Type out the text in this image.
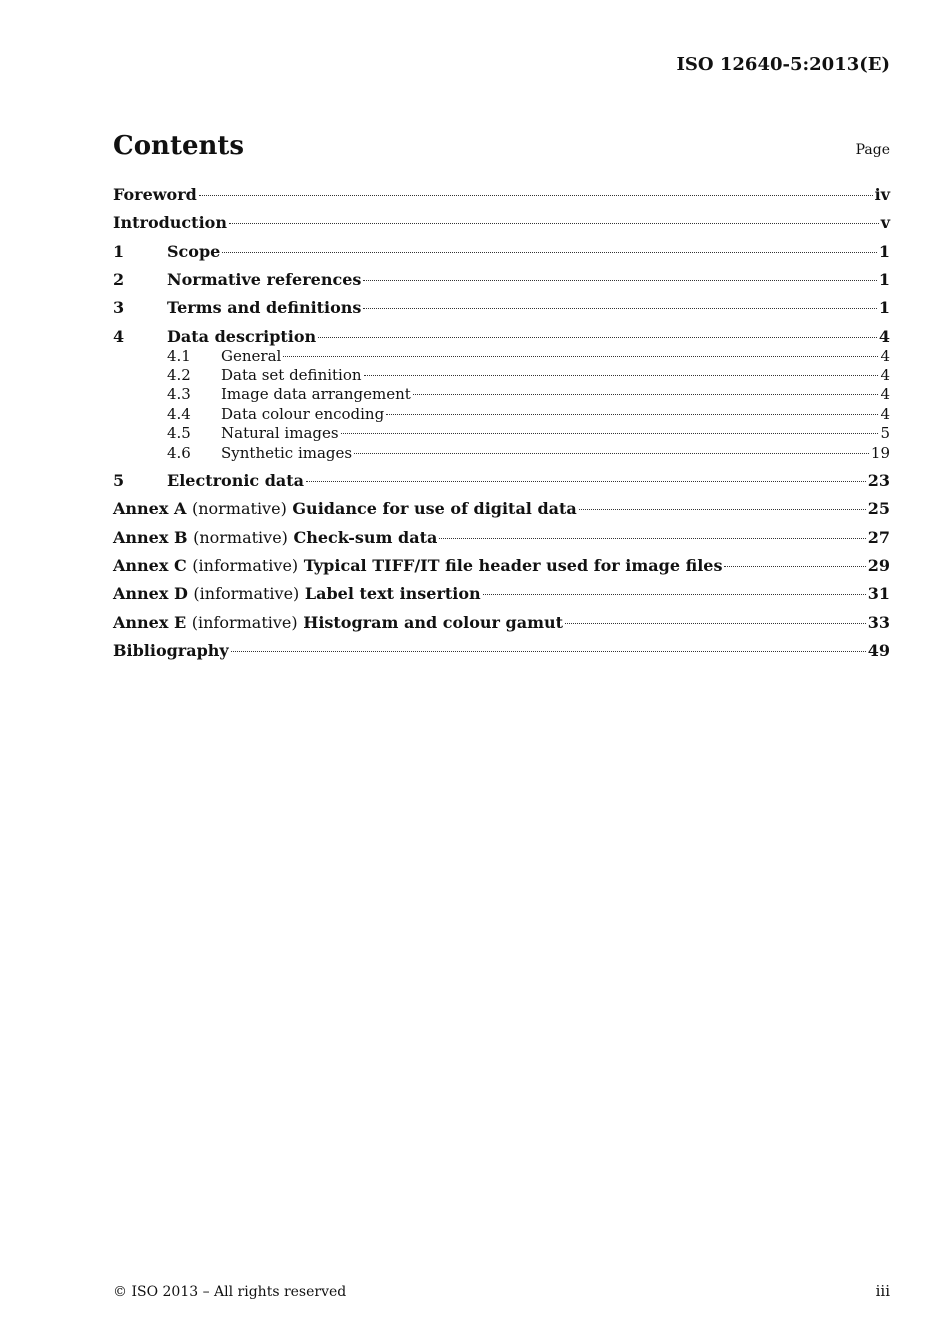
ISO 12640-5:2013(E)
Contents	Page
Foreword	iv
Introduction	v
1	Scope	1
2	Normative references	1
3	Terms and definitions	1
4	Data description	4
4.1	General	4
4.2	Data set definition	4
4.3	Image data arrangement	4
4.4	Data colour encoding	4
4.5	Natural images	5
4.6	Synthetic images	19
5	Electronic data	23
Annex A (normative) Guidance for use of digital data	25
Annex B (normative) Check-sum data	27
Annex C (informative) Typical TIFF/IT file header used for image files	29
Annex D (informative) Label text insertion	31
Annex E (informative) Histogram and colour gamut	33
Bibliography	49
© ISO 2013 – All rights reserved	iii
